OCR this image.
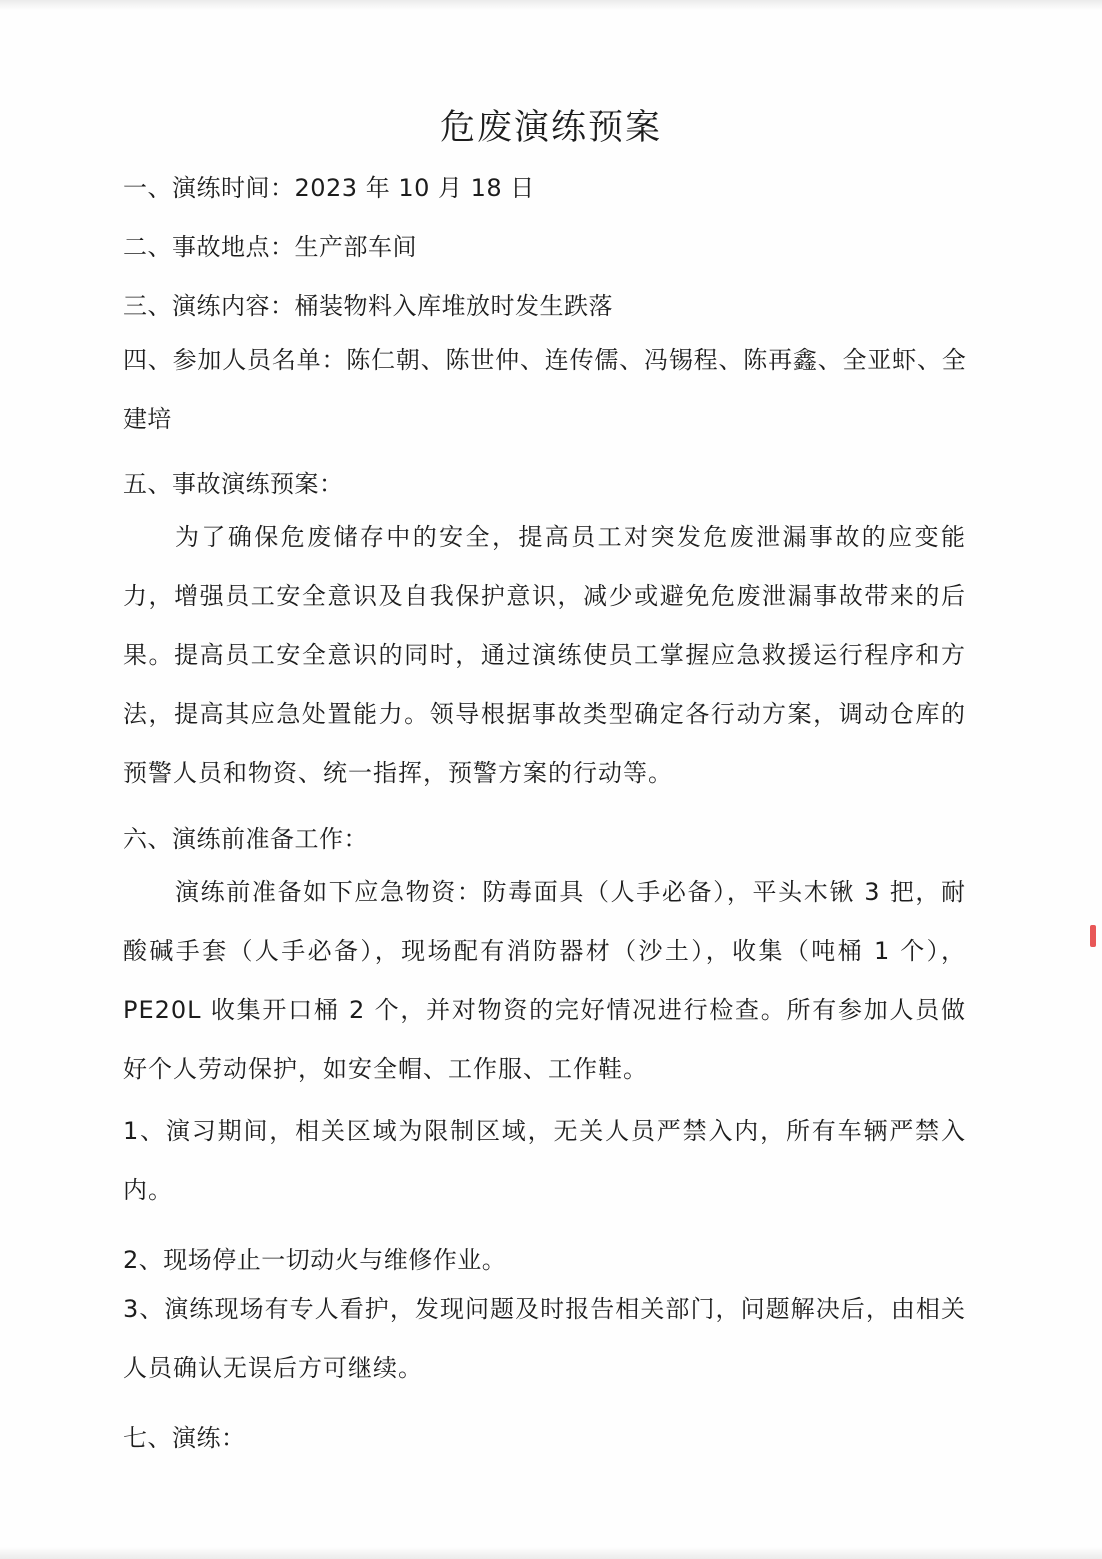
危废演练预案
一、演练时间：2023 年 10 月 18 日
二、事故地点：生产部车间
三、演练内容：桶装物料入库堆放时发生跌落
四、参加人员名单：陈仁朝、陈世仲、连传儒、冯锡程、陈再鑫、全亚虾、全建培
五、事故演练预案：
为了确保危废储存中的安全，提高员工对突发危废泄漏事故的应变能力，增强员工安全意识及自我保护意识，减少或避免危废泄漏事故带来的后果。提高员工安全意识的同时，通过演练使员工掌握应急救援运行程序和方法，提高其应急处置能力。领导根据事故类型确定各行动方案，调动仓库的预警人员和物资、统一指挥，预警方案的行动等。
六、演练前准备工作：
演练前准备如下应急物资：防毒面具（人手必备），平头木锹 3 把，耐酸碱手套（人手必备），现场配有消防器材（沙土），收集（吨桶 1 个），PE20L 收集开口桶 2 个，并对物资的完好情况进行检查。所有参加人员做好个人劳动保护，如安全帽、工作服、工作鞋。
1、演习期间，相关区域为限制区域，无关人员严禁入内，所有车辆严禁入内。
2、现场停止一切动火与维修作业。
3、演练现场有专人看护，发现问题及时报告相关部门，问题解决后，由相关人员确认无误后方可继续。
七、演练：
